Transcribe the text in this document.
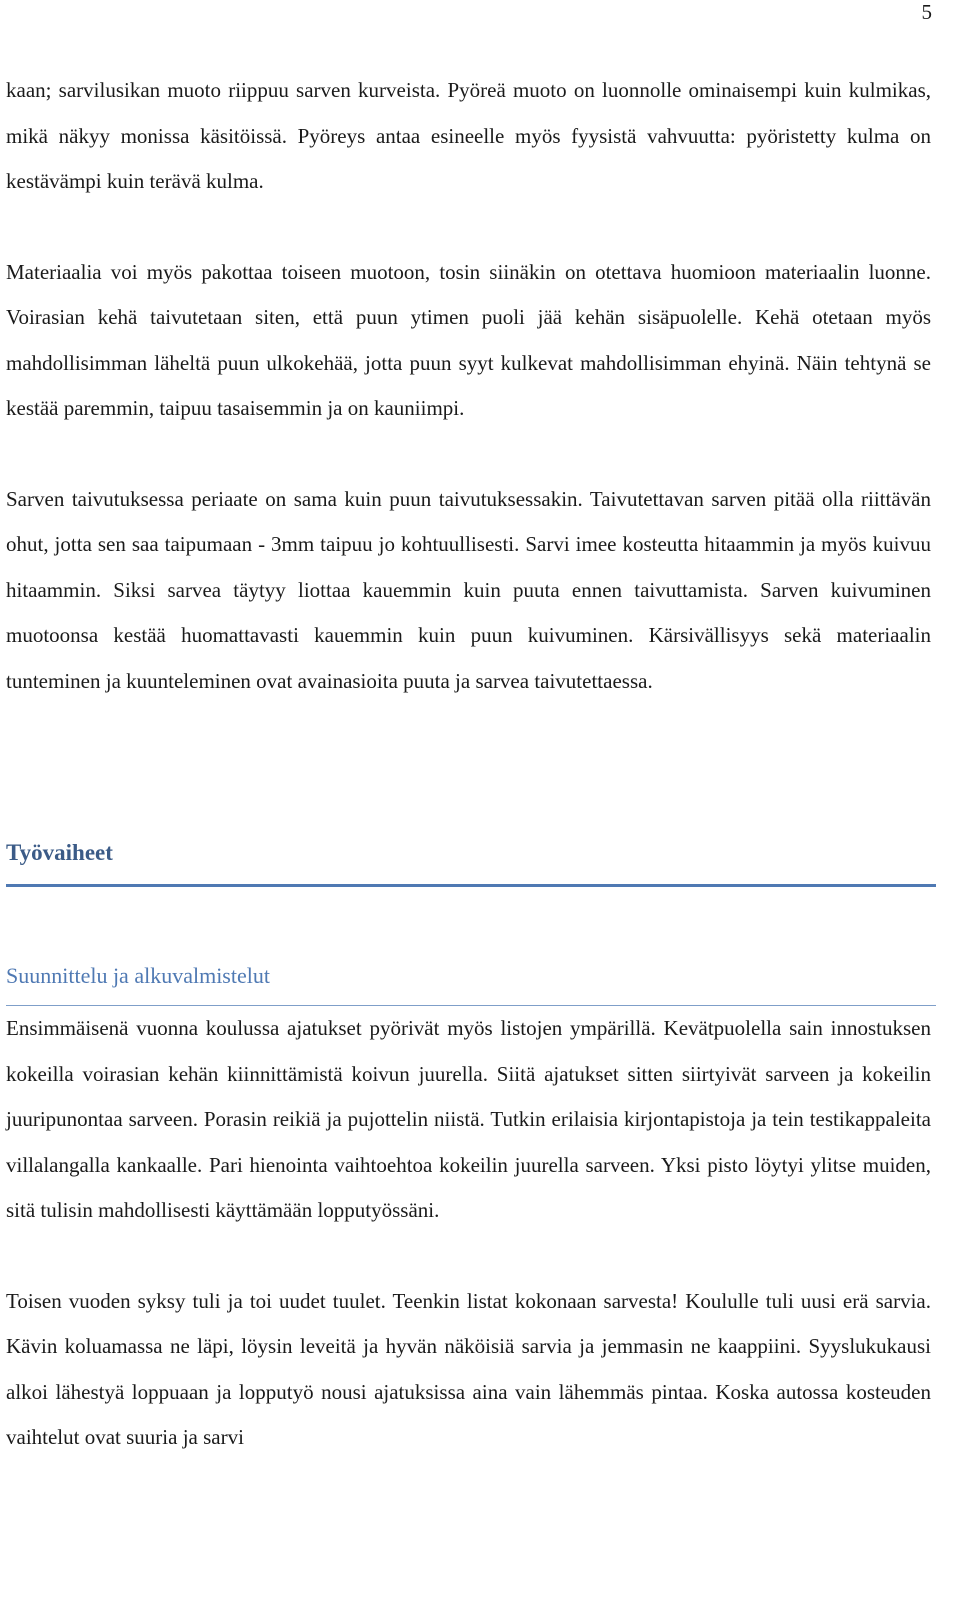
5

kaan; sarvilusikan muoto riippuu sarven kurveista. Pyöreä muoto on luonnolle ominaisempi kuin kulmikas, mikä näkyy monissa käsitöissä. Pyöreys antaa esineelle myös fyysistä vahvuutta: pyöristetty kulma on kestävämpi kuin terävä kulma.

Materiaalia voi myös pakottaa toiseen muotoon, tosin siinäkin on otettava huomioon materiaalin luonne. Voirasian kehä taivutetaan siten, että puun ytimen puoli jää kehän sisäpuolelle. Kehä otetaan myös mahdollisimman läheltä puun ulkokehää, jotta puun syyt kulkevat mahdollisimman ehyinä. Näin tehtynä se kestää paremmin, taipuu tasaisemmin ja on kauniimpi.

Sarven taivutuksessa periaate on sama kuin puun taivutuksessakin. Taivutettavan sarven pitää olla riittävän ohut, jotta sen saa taipumaan - 3mm taipuu jo kohtuullisesti. Sarvi imee kosteutta hitaammin ja myös kuivuu hitaammin. Siksi sarvea täytyy liottaa kauemmin kuin puuta ennen taivuttamista. Sarven kuivuminen muotoonsa kestää huomattavasti kauemmin kuin puun kuivuminen. Kärsivällisyys sekä materiaalin tunteminen ja kuunteleminen ovat avainasioita puuta ja sarvea taivutettaessa.

Työvaiheet
Suunnittelu ja alkuvalmistelut

Ensimmäisenä vuonna koulussa ajatukset pyörivät myös listojen ympärillä. Kevätpuolella sain innostuksen kokeilla voirasian kehän kiinnittämistä koivun juurella. Siitä ajatukset sitten siirtyivät sarveen ja kokeilin juuripunontaa sarveen. Porasin reikiä ja pujottelin niistä. Tutkin erilaisia kirjontapistoja ja tein testikappaleita villalangalla kankaalle. Pari hienointa vaihtoehtoa kokeilin juurella sarveen. Yksi pisto löytyi ylitse muiden, sitä tulisin mahdollisesti käyttämään lopputyössäni.

Toisen vuoden syksy tuli ja toi uudet tuulet. Teenkin listat kokonaan sarvesta! Koululle tuli uusi erä sarvia. Kävin koluamassa ne läpi, löysin leveitä ja hyvän näköisiä sarvia ja jemmasin ne kaappiini. Syyslukukausi alkoi lähestyä loppuaan ja lopputyö nousi ajatuksissa aina vain lähemmäs pintaa. Koska autossa kosteuden vaihtelut ovat suuria ja sarvi
